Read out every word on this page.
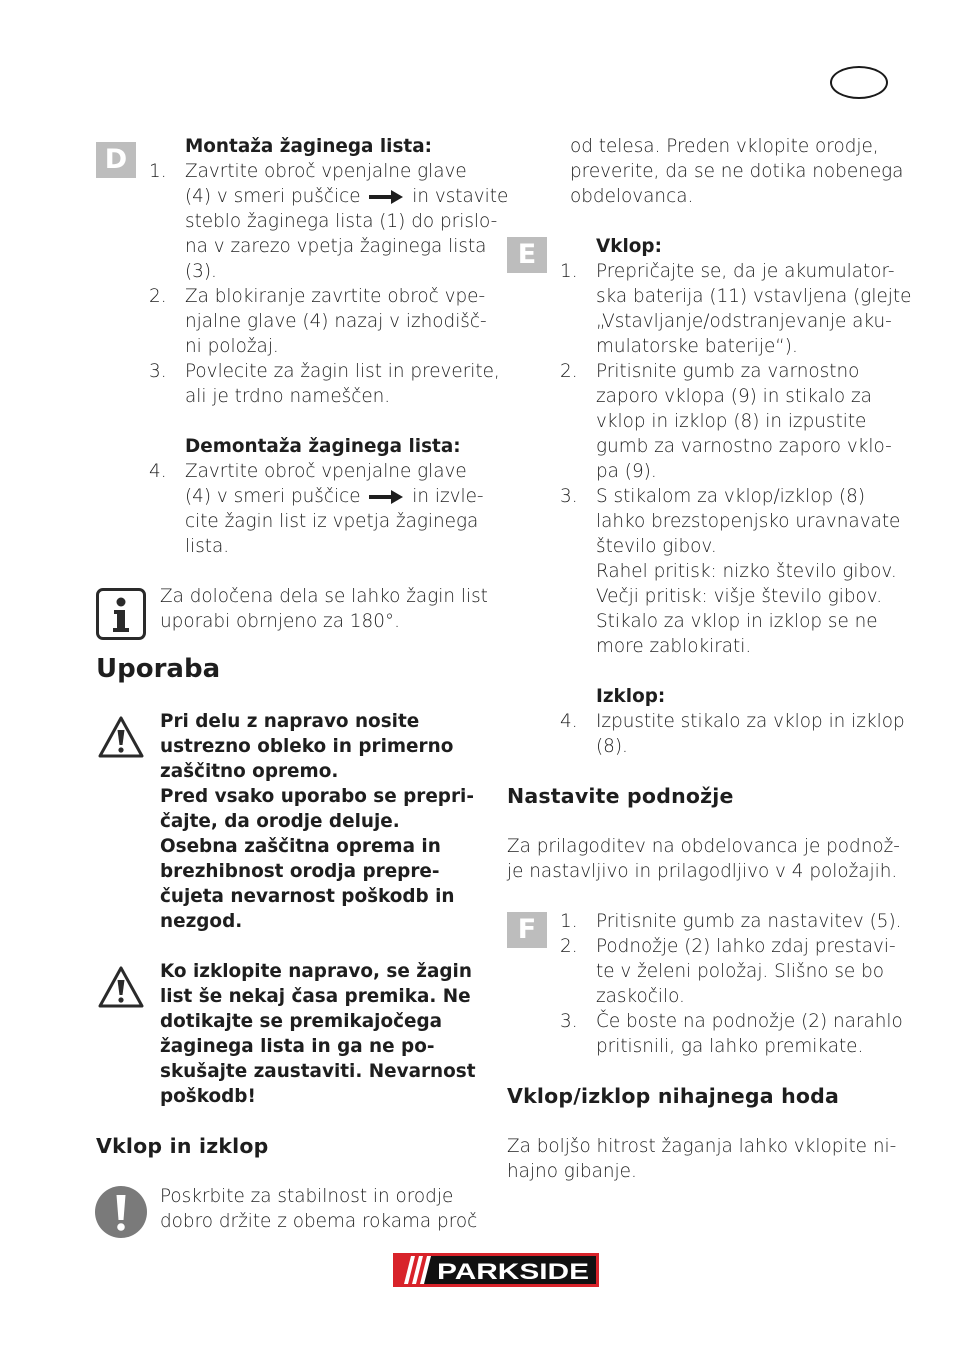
D	Montaža žaginega lista:
1. Zavrtite obroč vpenjalne glave
(4) v smeri puščice	in vstavite
steblo žaginega lista (1) do prislo-
na v zarezo vpetja žaginega lista
(3).
2. Za blokiranje zavrtite obroč vpe-
njalne glave (4) nazaj v izhodišč-
ni položaj.
3. Povlecite za žagin list in preverite,
ali je trdno nameščen.
Demontaža žaginega lista:
4. Zavrtite obroč vpenjalne glave
(4) v smeri puščice	in izvle-
cite žagin list iz vpetja žaginega
lista.
Za določena dela se lahko žagin list
uporabi obrnjeno za 180°.
Uporaba
Pri delu z napravo nosite
ustrezno obleko in primerno
zaščitno opremo.
Pred vsako uporabo se prepri-
čajte, da orodje deluje.
Osebna zaščitna oprema in
brezhibnost orodja prepre-
čujeta nevarnost poškodb in
nezgod.
Ko izklopite napravo, se žagin
list še nekaj časa premika. Ne
dotikajte se premikajočega
žaginega lista in ga ne po-
skušajte zaustaviti. Nevarnost
poškodb!
Vklop in izklop
Poskrbite za stabilnost in orodje
dobro držite z obema rokama proč
od telesa. Preden vklopite orodje,
preverite, da se ne dotika nobenega
obdelovanca.
E	Vklop:
1. Prepričajte se, da je akumulator-
ska baterija (11) vstavljena (glejte
„Vstavljanje/odstranjevanje aku-
mulatorske baterije“).
2. Pritisnite gumb za varnostno
zaporo vklopa (9) in stikalo za
vklop in izklop (8) in izpustite
gumb za varnostno zaporo vklo-
pa (9).
3. S stikalom za vklop/izklop (8)
lahko brezstopenjsko uravnavate
število gibov.
Rahel pritisk: nizko število gibov.
Večji pritisk: višje število gibov.
Stikalo za vklop in izklop se ne
more zablokirati.
Izklop:
4. Izpustite stikalo za vklop in izklop
(8).
Nastavite podnožje
Za prilagoditev na obdelovanca je podnož-
je nastavljivo in prilagodljivo v 4 položajih.
F	1. Pritisnite gumb za nastavitev (5).
2. Podnožje (2) lahko zdaj prestavi-
te v želeni položaj. Slišno se bo
zaskočilo.
3. Če boste na podnožje (2) narahlo
pritisnili, ga lahko premikate.
Vklop/izklop nihajnega hoda
Za boljšo hitrost žaganja lahko vklopite ni-
hajno gibanje.
PARKSIDE
